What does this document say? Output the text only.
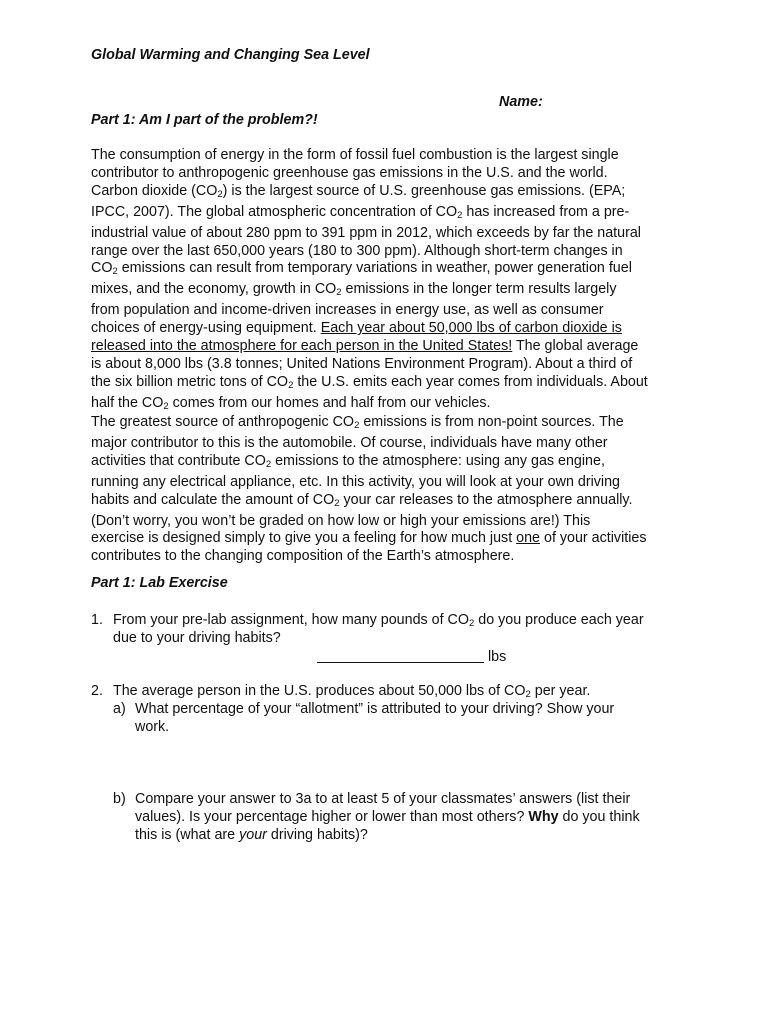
Global Warming and Changing Sea Level
Name:
Part 1: Am I part of the problem?!
The consumption of energy in the form of fossil fuel combustion is the largest single
contributor to anthropogenic greenhouse gas emissions in the U.S. and the world.
Carbon dioxide $(CO_2)$ is the largest source of U.S. greenhouse gas emissions. (EPA;
IPCC, 2007). The global atmospheric concentration of $CO_2$ has increased from a pre-
industrial value of about 280 ppm to 391 ppm in 2012, which exceeds by far the natural
range over the last 650,000 years (180 to 300 ppm). Although short-term changes in
$CO_2$ emissions can result from temporary variations in weather, power generation fuel
mixes, and the economy, growth in $CO_2$ emissions in the longer term results largely
from population and income-driven increases in energy use, as well as consumer
choices of energy-using equipment. Each year about 50,000 lbs of carbon dioxide is
released into the atmosphere for each person in the United States! The global average
is about 8,000 lbs (3.8 tonnes; United Nations Environment Program). About a third of
the six billion metric tons of $CO_2$ the U.S. emits each year comes from individuals. About
half the $CO_2$ comes from our homes and half from our vehicles.
The greatest source of anthropogenic $CO_2$ emissions is from non-point sources. The
major contributor to this is the automobile. Of course, individuals have many other
activities that contribute $CO_2$ emissions to the atmosphere: using any gas engine,
running any electrical appliance, etc. In this activity, you will look at your own driving
habits and calculate the amount of $CO_2$ your car releases to the atmosphere annually.
(Don’t worry, you won’t be graded on how low or high your emissions are!) This
exercise is designed simply to give you a feeling for how much just one of your activities
contributes to the changing composition of the Earth’s atmosphere.
Part 1: Lab Exercise
1. From your pre-lab assignment, how many pounds of $CO_2$ do you produce each year
due to your driving habits?
lbs
2. The average person in the U.S. produces about 50,000 lbs of $CO_2$ per year.
a) What percentage of your “allotment” is attributed to your driving? Show your
work.
b) Compare your answer to 3a to at least 5 of your classmates’ answers (list their
values). Is your percentage higher or lower than most others? Why do you think
this is (what are your driving habits)?
